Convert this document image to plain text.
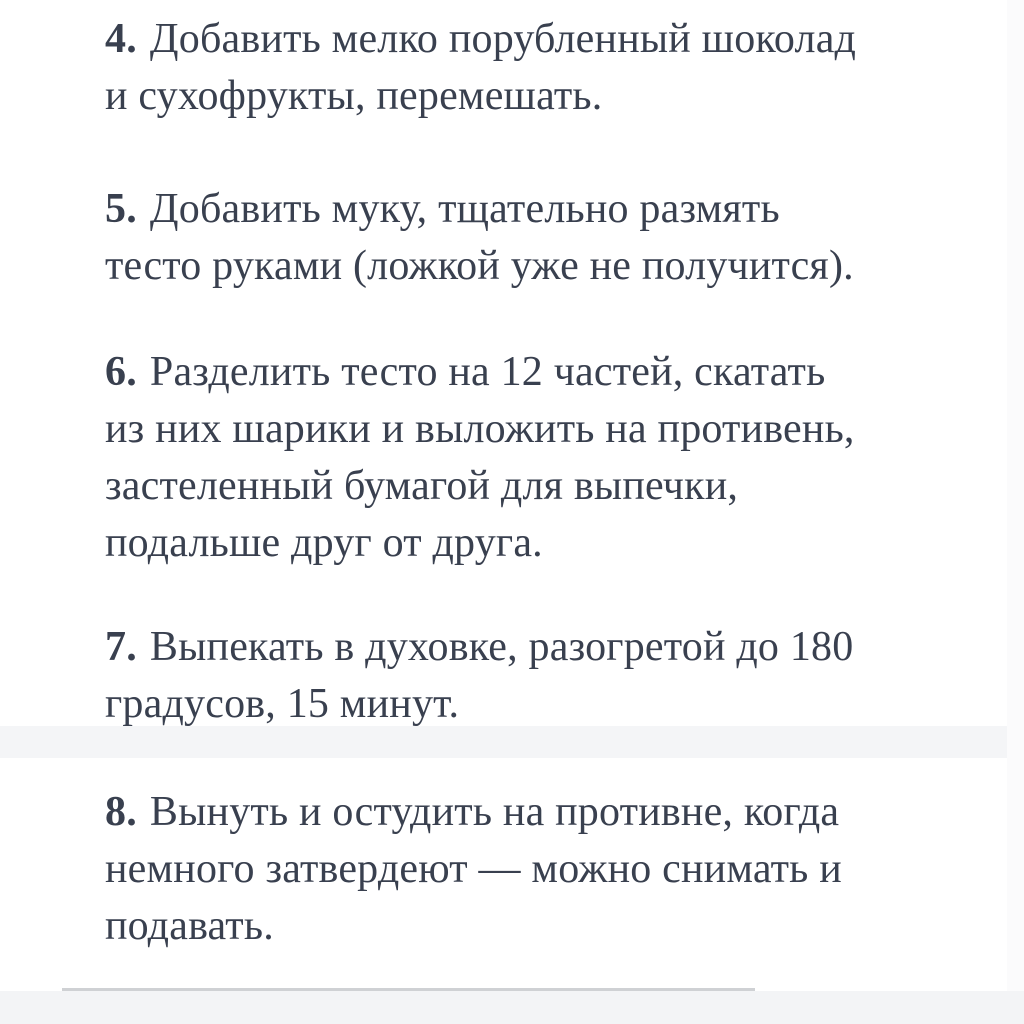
4. Добавить мелко порубленный шоколад
и сухофрукты, перемешать.
5. Добавить муку, тщательно размять
тесто руками (ложкой уже не получится).
6. Разделить тесто на 12 частей, скатать
из них шарики и выложить на противень,
застеленный бумагой для выпечки,
подальше друг от друга.
7. Выпекать в духовке, разогретой до 180
градусов, 15 минут.
8. Вынуть и остудить на противне, когда
немного затвердеют — можно снимать и
подавать.
